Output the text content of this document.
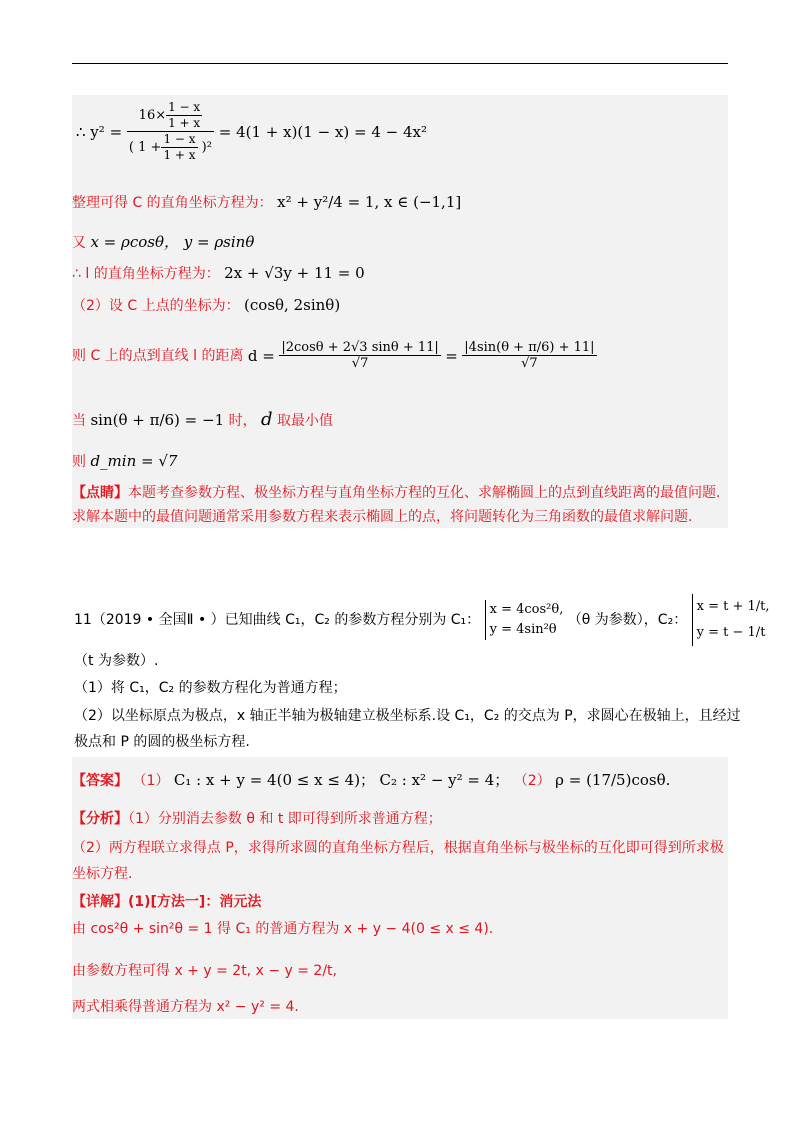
∴ $y^2 = \frac{16\times \frac{1 - x}{1 + x}}{( 1 + \frac{1 - x}{1 + x} )^2} = 4(1 + x)(1 - x) = 4 - 4x^2$
整理可得 C 的直角坐标方程为： x² + y²/4 = 1, x ∈ (−1,1]
又 x = ρcosθ， y = ρsinθ
∴ l 的直角坐标方程为： 2x + √3y + 11 = 0
（2）设 C 上点的坐标为： (cosθ, 2sinθ)
则 C 上的点到直线 l 的距离 $d = \frac{|2\cos\theta + 2√3 \sin\theta + 11|}{√7} = \frac{|4\sin(\theta + \pi/6) + 11|}{√7}$
当 sin(θ + π/6) = −1 时， d 取最小值
则 d_min = √7
【点睛】本题考查参数方程、极坐标方程与直角坐标方程的互化、求解椭圆上的点到直线距离的最值问题.
求解本题中的最值问题通常采用参数方程来表示椭圆上的点，将问题转化为三角函数的最值求解问题.
11（2019 • 全国Ⅱ • ）已知曲线 C₁，C₂ 的参数方程分别为 C₁：
x = 4cos²θ,
y = 4sin²θ
（θ 为参数），C₂：
x = t + 1/t,
y = t − 1/t
（t 为参数）.
（1）将 C₁，C₂ 的参数方程化为普通方程；
（2）以坐标原点为极点，x 轴正半轴为极轴建立极坐标系.设 C₁，C₂ 的交点为 P，求圆心在极轴上，且经过
极点和 P 的圆的极坐标方程.
【答案】 （1） C₁ : x + y = 4(0 ≤ x ≤ 4)； C₂ : x² − y² = 4； （2） ρ = (17/5)cosθ.
【分析】（1）分别消去参数 θ 和 t 即可得到所求普通方程；
（2）两方程联立求得点 P，求得所求圆的直角坐标方程后，根据直角坐标与极坐标的互化即可得到所求极
坐标方程.
【详解】(1)[方法一]：消元法
由 cos²θ + sin²θ = 1 得 C₁ 的普通方程为 x + y − 4(0 ≤ x ≤ 4).
由参数方程可得 x + y = 2t, x − y = 2/t,
两式相乘得普通方程为 x² − y² = 4.
